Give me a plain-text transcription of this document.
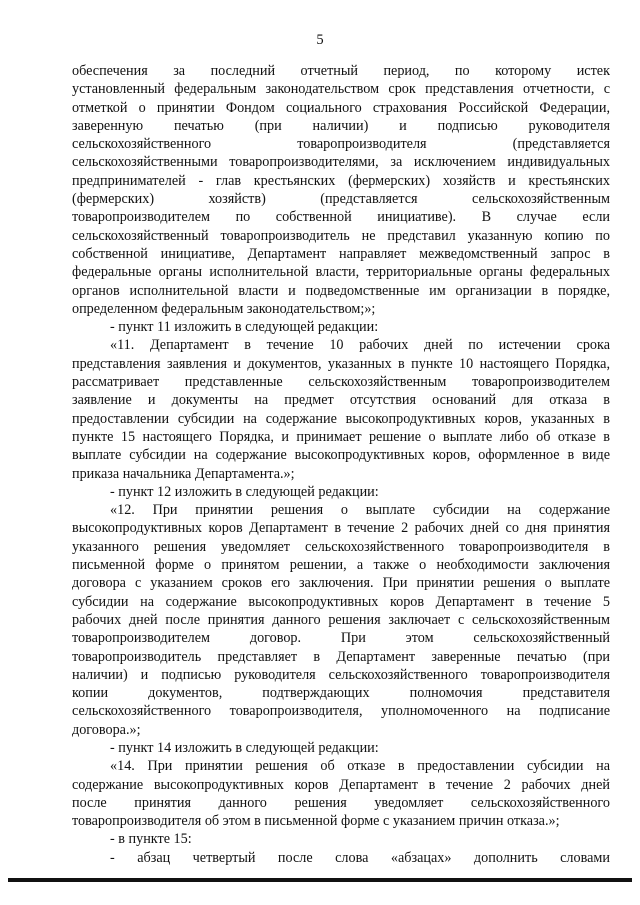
5
обеспечения за последний отчетный период, по которому истек
установленный федеральным законодательством срок представления отчетности, с
отметкой о принятии Фондом социального страхования Российской Федерации,
заверенную печатью (при наличии) и подписью руководителя
сельскохозяйственного товаропроизводителя (представляется
сельскохозяйственными товаропроизводителями, за исключением индивидуальных
предпринимателей - глав крестьянских (фермерских) хозяйств и крестьянских
(фермерских) хозяйств) (представляется сельскохозяйственным
товаропроизводителем по собственной инициативе). В случае если
сельскохозяйственный товаропроизводитель не представил указанную копию по
собственной инициативе, Департамент направляет межведомственный запрос в
федеральные органы исполнительной власти, территориальные органы федеральных
органов исполнительной власти и подведомственные им организации в порядке,
определенном федеральным законодательством;»;
- пункт 11 изложить в следующей редакции:
«11. Департамент в течение 10 рабочих дней по истечении срока
представления заявления и документов, указанных в пункте 10 настоящего Порядка,
рассматривает представленные сельскохозяйственным товаропроизводителем
заявление и документы на предмет отсутствия оснований для отказа в
предоставлении субсидии на содержание высокопродуктивных коров, указанных в
пункте 15 настоящего Порядка, и принимает решение о выплате либо об отказе в
выплате субсидии на содержание высокопродуктивных коров, оформленное в виде
приказа начальника Департамента.»;
- пункт 12 изложить в следующей редакции:
«12. При принятии решения о выплате субсидии на содержание
высокопродуктивных коров Департамент в течение 2 рабочих дней со дня принятия
указанного решения уведомляет сельскохозяйственного товаропроизводителя в
письменной форме о принятом решении, а также о необходимости заключения
договора с указанием сроков его заключения. При принятии решения о выплате
субсидии на содержание высокопродуктивных коров Департамент в течение 5
рабочих дней после принятия данного решения заключает с сельскохозяйственным
товаропроизводителем договор. При этом сельскохозяйственный
товаропроизводитель представляет в Департамент заверенные печатью (при
наличии) и подписью руководителя сельскохозяйственного товаропроизводителя
копии документов, подтверждающих полномочия представителя
сельскохозяйственного товаропроизводителя, уполномоченного на подписание
договора.»;
- пункт 14 изложить в следующей редакции:
«14. При принятии решения об отказе в предоставлении субсидии на
содержание высокопродуктивных коров Департамент в течение 2 рабочих дней
после принятия данного решения уведомляет сельскохозяйственного
товаропроизводителя об этом в письменной форме с указанием причин отказа.»;
- в пункте 15:
- абзац четвертый после слова «абзацах» дополнить словами
